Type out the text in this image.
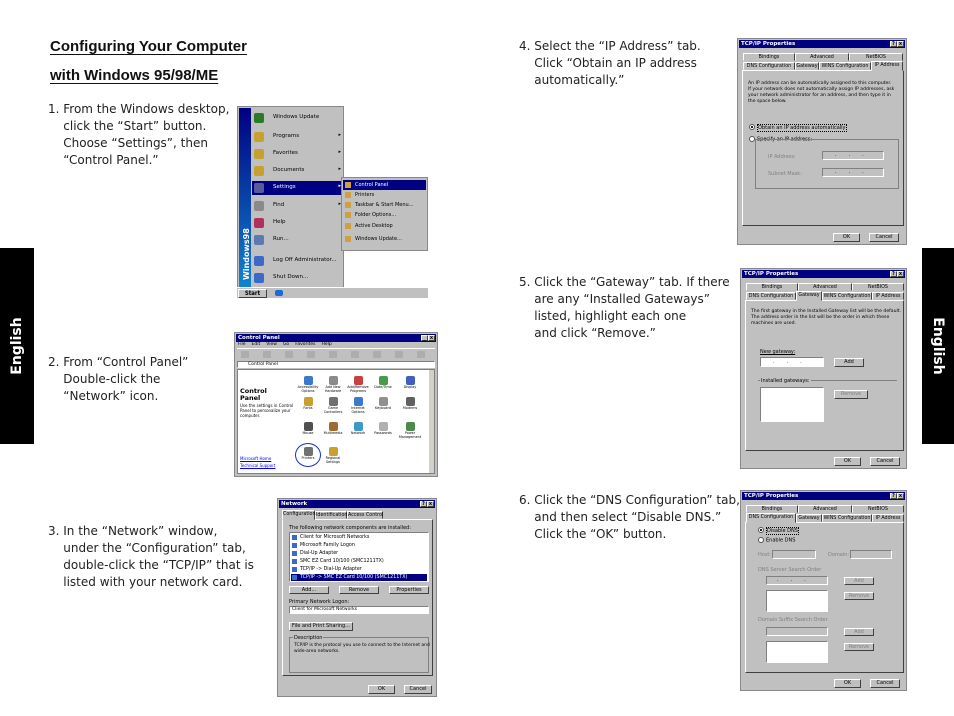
Configuring Your Computer
with Windows 95/98/ME
1. From the Windows desktop,
click the “Start” button.
Choose “Settings”, then
“Control Panel.”
2. From “Control Panel”
Double-click the
“Network” icon.
3. In the “Network” window,
under the “Configuration” tab,
double-click the “TCP/IP” that is
listed with your network card.
4. Select the “IP Address” tab.
Click “Obtain an IP address
automatically.”
5. Click the “Gateway” tab. If there
are any “Installed Gateways”
listed, highlight each one
and click “Remove.”
6. Click the “DNS Configuration” tab,
and then select “Disable DNS.”
Click the “OK” button.
English	English
Windows98
Windows Update
Programs	▸
Favorites	▸
Documents	▸
Settings	▸
Find	▸
Help
Run...
Log Off Administrator...
Shut Down...
Control Panel
Printers
Taskbar & Start Menu...
Folder Options...
Active Desktop
Windows Update...
Start
Control Panel	_ x
File Edit View Go Favorites Help
Control Panel
Control Panel
Use the settings in Control Panel to personalize your computer.
Microsoft Home
Technical Support
Accessibility Options
Add New Hardware
Add/Remove Programs
Date/Time	Display
Fonts	Game Controllers
Internet Options
Keyboard	Modems
Mouse	Multimedia	Network	Passwords	Power Management
Printers	Regional Settings
Network	? x
Configuration Identification Access Control
The following network components are installed:
Client for Microsoft Networks
Microsoft Family Logon
Dial-Up Adapter
SMC EZ Card 10/100 (SMC1211TX)
TCP/IP -> Dial-Up Adapter
TCP/IP -> SMC EZ Card 10/100 (SMC1211TX)
Add...	Remove	Properties
Primary Network Logon:
Client for Microsoft Networks
File and Print Sharing...
Description
TCP/IP is the protocol you use to connect to the Internet and
wide-area networks.
OK	Cancel
TCP/IP Properties	? x
Bindings	Advanced	NetBIOS
DNS Configuration	Gateway WINS Configuration	IP Address
An IP address can be automatically assigned to this computer.
If your network does not automatically assign IP addresses, ask
your network administrator for an address, and then type it in
the space below.
Obtain an IP address automatically
Specify an IP address:
IP Address:	...
Subnet Mask:	...
OK	Cancel
TCP/IP Properties	? x
Bindings	Advanced	NetBIOS
DNS Configuration	Gateway WINS Configuration	IP Address
The first gateway in the Installed Gateway list will be the default.
The address order in the list will be the order in which these
machines are used.
New gateway:
...	Add
Installed gateways:
Remove
OK	Cancel
TCP/IP Properties	? x
Bindings	Advanced	NetBIOS
DNS Configuration	Gateway WINS Configuration	IP Address
Disable DNS
Enable DNS
Host:	Domain:
DNS Server Search Order
...	Add
Remove
Domain Suffix Search Order
Add
Remove
OK	Cancel
